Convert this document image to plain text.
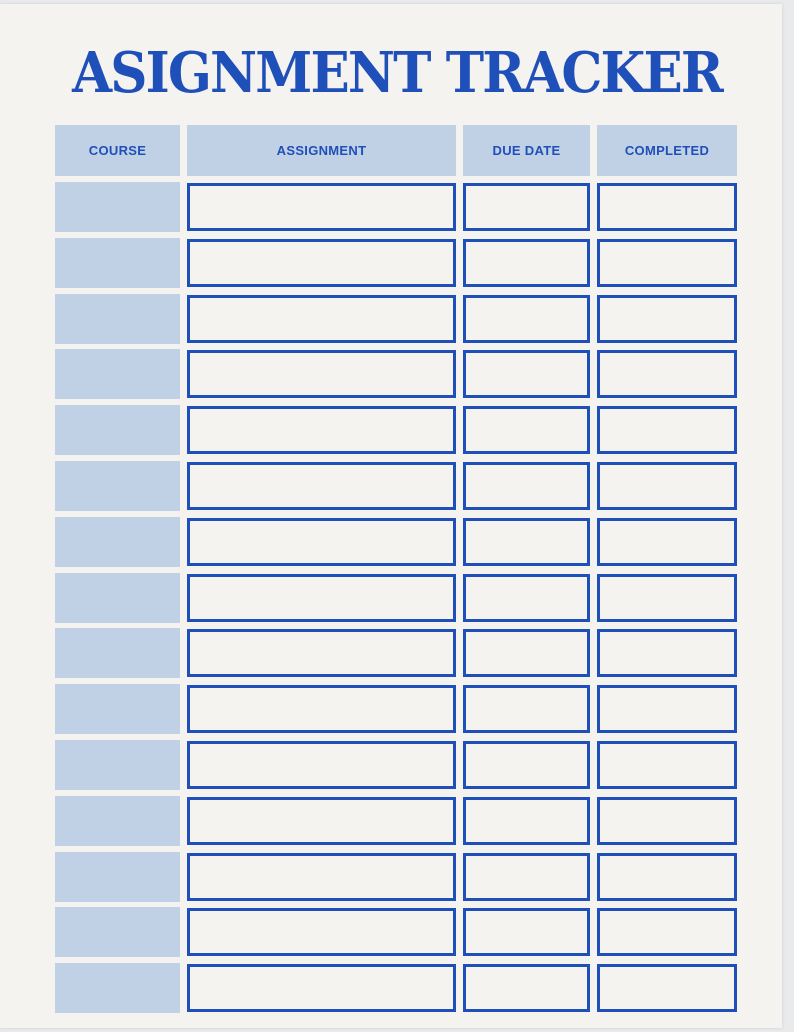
ASIGNMENT TRACKER
COURSE	ASSIGNMENT	DUE DATE	COMPLETED
